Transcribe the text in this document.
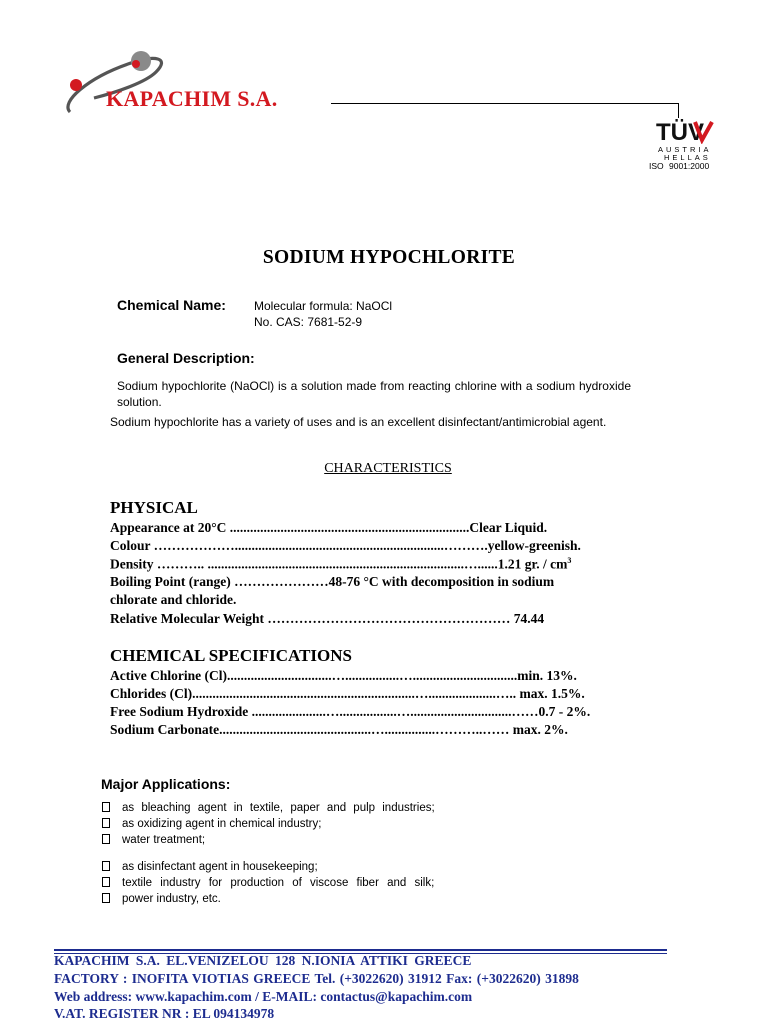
KAPACHIM S.A.
TÜV
AUSTRIA
HELLAS
ISO 9001:2000
SODIUM HYPOCHLORITE
Chemical Name: Molecular formula: NaOCl
No. CAS: 7681-52-9
General Description:
Sodium hypochlorite (NaOCl) is a solution made from reacting chlorine with a sodium hydroxide solution.
Sodium hypochlorite has a variety of uses and is an excellent disinfectant/antimicrobial agent.
CHARACTERISTICS
PHYSICAL
Appearance at 20°C .......................................................................Clear Liquid.
Colour ………………..............................................................……….yellow-greenish.
Density ……….. ............................................................................…......1.21 gr. / $cm^3$
Boiling Point (range) …………………48-76 °C with decomposition in sodium
chlorate and chloride.
Relative Molecular Weight ……………………………………………… 74.44
CHEMICAL SPECIFICATIONS
Active Chlorine (Cl)...............................…................…...............................min. 13%.
Chlorides (Cl)..................................................................…....................….. max. 1.5%.
Free Sodium Hydroxide ......................….................…..............................……0.7 - 2%.
Sodium Carbonate.............................................…...............………..…… max. 2%.
Major Applications:
as bleaching agent in textile, paper and pulp industries;
as oxidizing agent in chemical industry;
water treatment;
as disinfectant agent in housekeeping;
textile industry for production of viscose fiber and silk;
power industry, etc.
KAPACHIM S.A. EL.VENIZELOU 128 N.IONIA ATTIKI GREECE
FACTORY : INOFITA VIOTIAS GREECE Tel. (+3022620) 31912 Fax: (+3022620) 31898
Web address: www.kapachim.com / E-MAIL: contactus@kapachim.com
V.AT. REGISTER NR : EL 094134978
